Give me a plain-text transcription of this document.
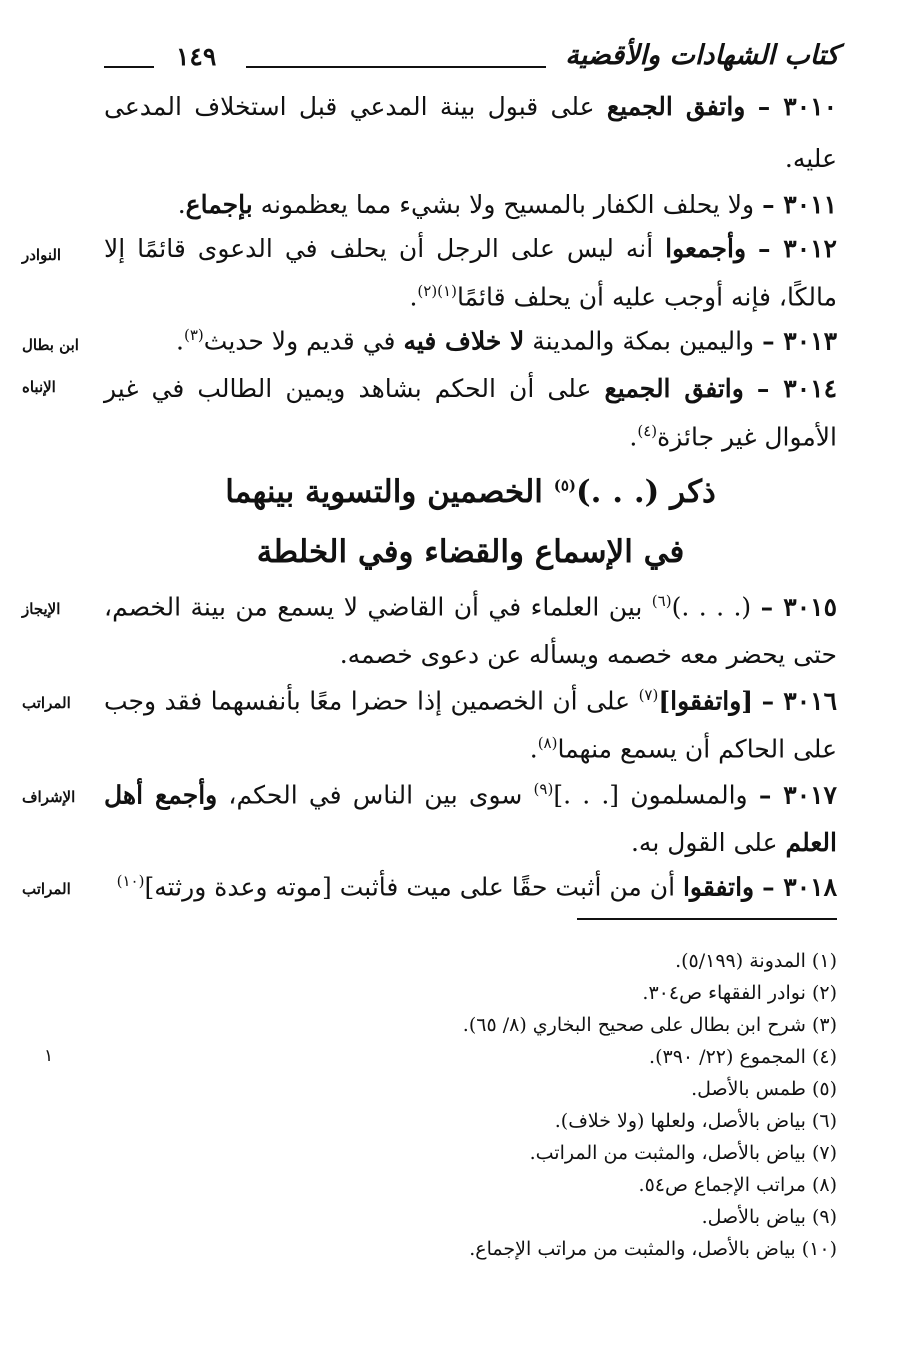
كتاب الشهادات والأقضية
١٤٩
٣٠١٠ – واتفق الجميع على قبول بينة المدعي قبل استخلاف المدعى
عليه.
٣٠١١ – ولا يحلف الكفار بالمسيح ولا بشيء مما يعظمونه بإجماع.
٣٠١٢ – وأجمعوا أنه ليس على الرجل أن يحلف في الدعوى قائمًا إلا
النوادر
مالكًا، فإنه أوجب عليه أن يحلف قائمًا$^{(١)(٢)}$.
٣٠١٣ – واليمين بمكة والمدينة لا خلاف فيه في قديم ولا حديث$^{(٣)}$.
ابن بطال
٣٠١٤ – واتفق الجميع على أن الحكم بشاهد ويمين الطالب في غير
الإنباه
الأموال غير جائزة$^{(٤)}$.
ذكر (. . .)$^{(٥)}$ الخصمين والتسوية بينهما
في الإسماع والقضاء وفي الخلطة
٣٠١٥ – (. . . .)$^{(٦)}$ بين العلماء في أن القاضي لا يسمع من بينة الخصم،
الإيجاز
حتى يحضر معه خصمه ويسأله عن دعوى خصمه.
٣٠١٦ – [واتفقوا]$^{(٧)}$ على أن الخصمين إذا حضرا معًا بأنفسهما فقد وجب
المراتب
على الحاكم أن يسمع منهما$^{(٨)}$.
٣٠١٧ – والمسلمون [. . .]$^{(٩)}$ سوى بين الناس في الحكم، وأجمع أهل
الإشراف
العلم على القول به.
٣٠١٨ – واتفقوا أن من أثبت حقًا على ميت فأثبت [موته وعدة ورثته]$^{(١٠)}$
المراتب
(١) المدونة (٥/١٩٩).
(٢) نوادر الفقهاء ص٣٠٤.
(٣) شرح ابن بطال على صحيح البخاري (٨/ ٦٥).
(٤) المجموع (٢٢/ ٣٩٠).
(٥) طمس بالأصل.
(٦) بياض بالأصل، ولعلها (ولا خلاف).
(٧) بياض بالأصل، والمثبت من المراتب.
(٨) مراتب الإجماع ص٥٤.
(٩) بياض بالأصل.
(١٠) بياض بالأصل، والمثبت من مراتب الإجماع.
١
